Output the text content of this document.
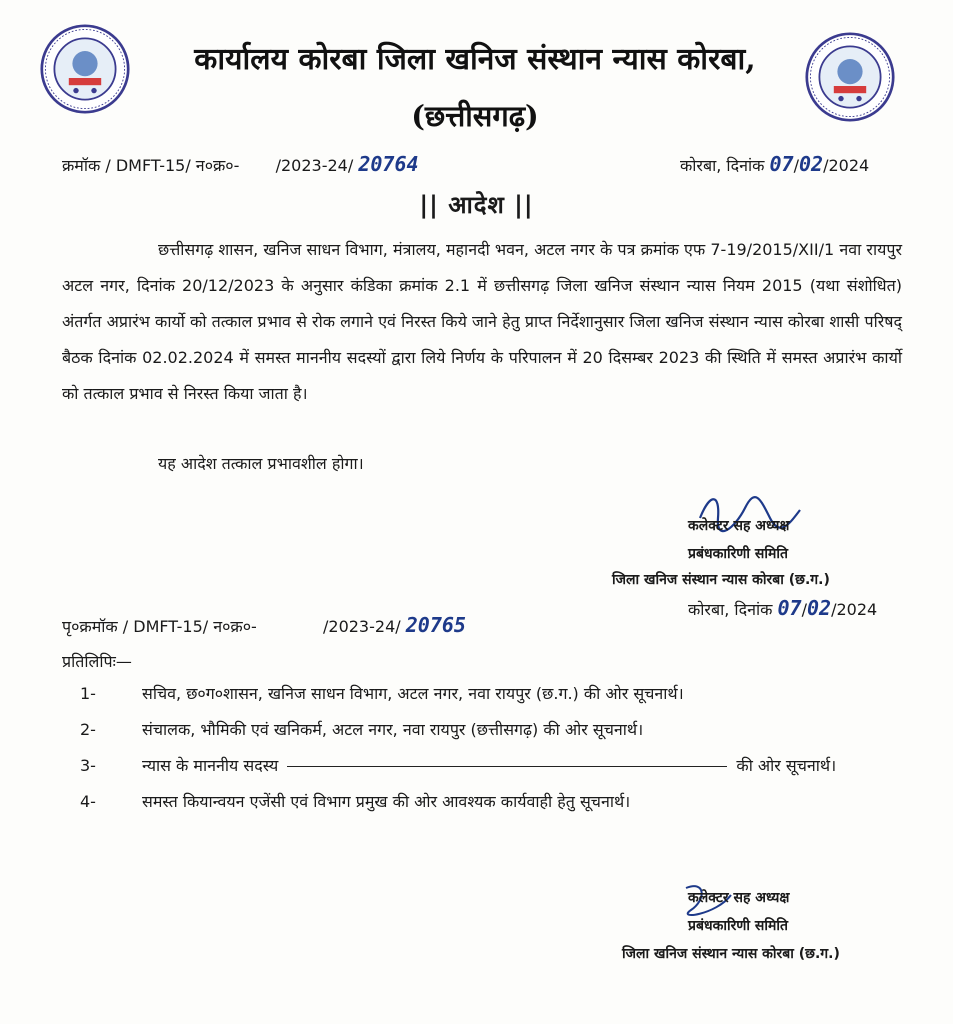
कार्यालय कोरबा जिला खनिज संस्थान न्यास कोरबा,
(छत्तीसगढ़)
क्रमॉक / DMFT-15/ न०क्र०- /2023-24/ 20764	कोरबा, दिनांक 07/02/2024
|| आदेश ||
छत्तीसगढ़ शासन, खनिज साधन विभाग, मंत्रालय, महानदी भवन, अटल नगर के पत्र क्रमांक एफ 7-19/2015/XII/1 नवा रायपुर अटल नगर, दिनांक 20/12/2023 के अनुसार कंडिका क्रमांक 2.1 में छत्तीसगढ़ जिला खनिज संस्थान न्यास नियम 2015 (यथा संशोधित) अंतर्गत अप्रारंभ कार्यो को तत्काल प्रभाव से रोक लगाने एवं निरस्त किये जाने हेतु प्राप्त निर्देशानुसार जिला खनिज संस्थान न्यास कोरबा शासी परिषद् बैठक दिनांक 02.02.2024 में समस्त माननीय सदस्यों द्वारा लिये निर्णय के परिपालन में 20 दिसम्बर 2023 की स्थिति में समस्त अप्रारंभ कार्यो को तत्काल प्रभाव से निरस्त किया जाता है।
यह आदेश तत्काल प्रभावशील होगा।
कलेक्टर सह अध्यक्ष
प्रबंधकारिणी समिति
जिला खनिज संस्थान न्यास कोरबा (छ.ग.)
कोरबा, दिनांक 07/02/2024
पृ०क्रमॉक / DMFT-15/ न०क्र०-	/2023-24/ 20765
प्रतिलिपिः—
1-	सचिव, छ०ग०शासन, खनिज साधन विभाग, अटल नगर, नवा रायपुर (छ.ग.) की ओर सूचनार्थ।
2-	संचालक, भौमिकी एवं खनिकर्म, अटल नगर, नवा रायपुर (छत्तीसगढ़) की ओर सूचनार्थ।
3-	न्यास के माननीय सदस्य	की ओर सूचनार्थ।
4-	समस्त कियान्वयन एजेंसी एवं विभाग प्रमुख की ओर आवश्यक कार्यवाही हेतु सूचनार्थ।
कलेक्टर सह अध्यक्ष
प्रबंधकारिणी समिति
जिला खनिज संस्थान न्यास कोरबा (छ.ग.)
